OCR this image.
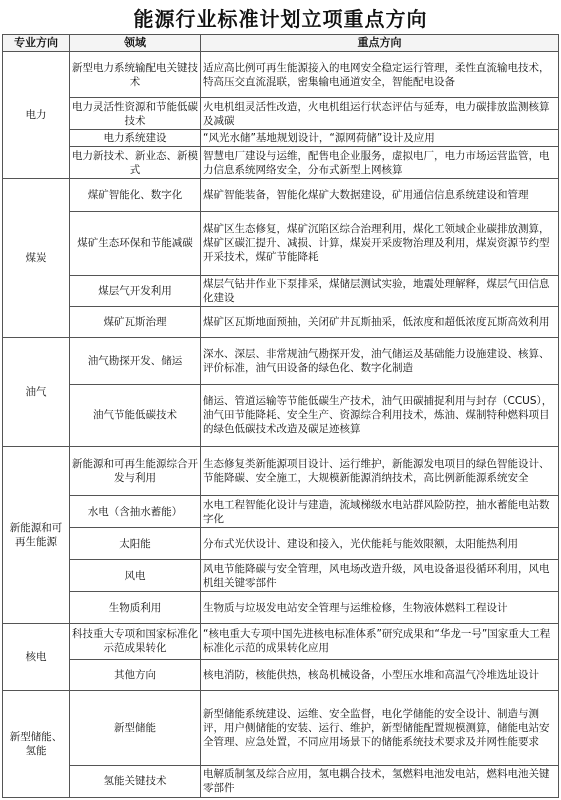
能源行业标准计划立项重点方向
专业方向	领域	重点方向
电力	新型电力系统输配电关键技术	适应高比例可再生能源接入的电网安全稳定运行管理，柔性直流输电技术，特高压交直流混联，密集输电通道安全，智能配电设备
	电力灵活性资源和节能低碳技术	火电机组灵活性改造，火电机组运行状态评估与延寿，电力碳排放监测核算及减碳
	电力系统建设	“风光水储”基地规划设计，“源网荷储”设计及应用
	电力新技术、新业态、新模式	智慧电厂建设与运维，配售电企业服务，虚拟电厂，电力市场运营监管，电力信息系统网络安全，分布式新型上网核算
煤炭	煤矿智能化、数字化	煤矿智能装备，智能化煤矿大数据建设，矿用通信信息系统建设和管理
	煤矿生态环保和节能减碳	煤矿区生态修复，煤矿沉陷区综合治理利用，煤化工领域企业碳排放测算，煤矿区碳汇提升、减损、计算，煤炭开采废物治理及利用，煤炭资源节约型开采技术，煤矿节能降耗
	煤层气开发利用	煤层气钻井作业下泵排采，煤储层测试实验，地震处理解释，煤层气田信息化建设
	煤矿瓦斯治理	煤矿区瓦斯地面预抽，关闭矿井瓦斯抽采，低浓度和超低浓度瓦斯高效利用
油气	油气勘探开发、储运	深水、深层、非常规油气勘探开发，油气储运及基础能力设施建设、核算、评价标准，油气田设备的绿色化、数字化制造
	油气节能低碳技术	储运、管道运输等节能低碳生产技术，油气田碳捕捉利用与封存（CCUS），油气田节能降耗、安全生产、资源综合利用技术，炼油、煤制特种燃料项目的绿色低碳技术改造及碳足迹核算
新能源和可再生能源	新能源和可再生能源综合开发与利用	生态修复类新能源项目设计、运行维护，新能源发电项目的绿色智能设计、节能降碳、安全施工，大规模新能源消纳技术，高比例新能源系统安全
	水电（含抽水蓄能）	水电工程智能化设计与建造，流域梯级水电站群风险防控，抽水蓄能电站数字化
	太阳能	分布式光伏设计、建设和接入，光伏能耗与能效限额，太阳能热利用
	风电	风电节能降碳与安全管理，风电场改造升级，风电设备退役循环利用，风电机组关键零部件
	生物质利用	生物质与垃圾发电站安全管理与运维检修，生物液体燃料工程设计
核电	科技重大专项和国家标准化示范成果转化	“核电重大专项中国先进核电标准体系”研究成果和“华龙一号”国家重大工程标准化示范的成果转化应用
	其他方向	核电消防，核能供热，核岛机械设备，小型压水堆和高温气冷堆选址设计
新型储能、氢能	新型储能	新型储能系统建设、运维、安全监督，电化学储能的安全设计、制造与测评，用户侧储能的安装、运行、维护，新型储能配置规模测算，储能电站安全管理、应急处置，不同应用场景下的储能系统技术要求及并网性能要求
	氢能关键技术	电解质制氢及综合应用，氢电耦合技术，氢燃料电池发电站，燃料电池关键零部件
